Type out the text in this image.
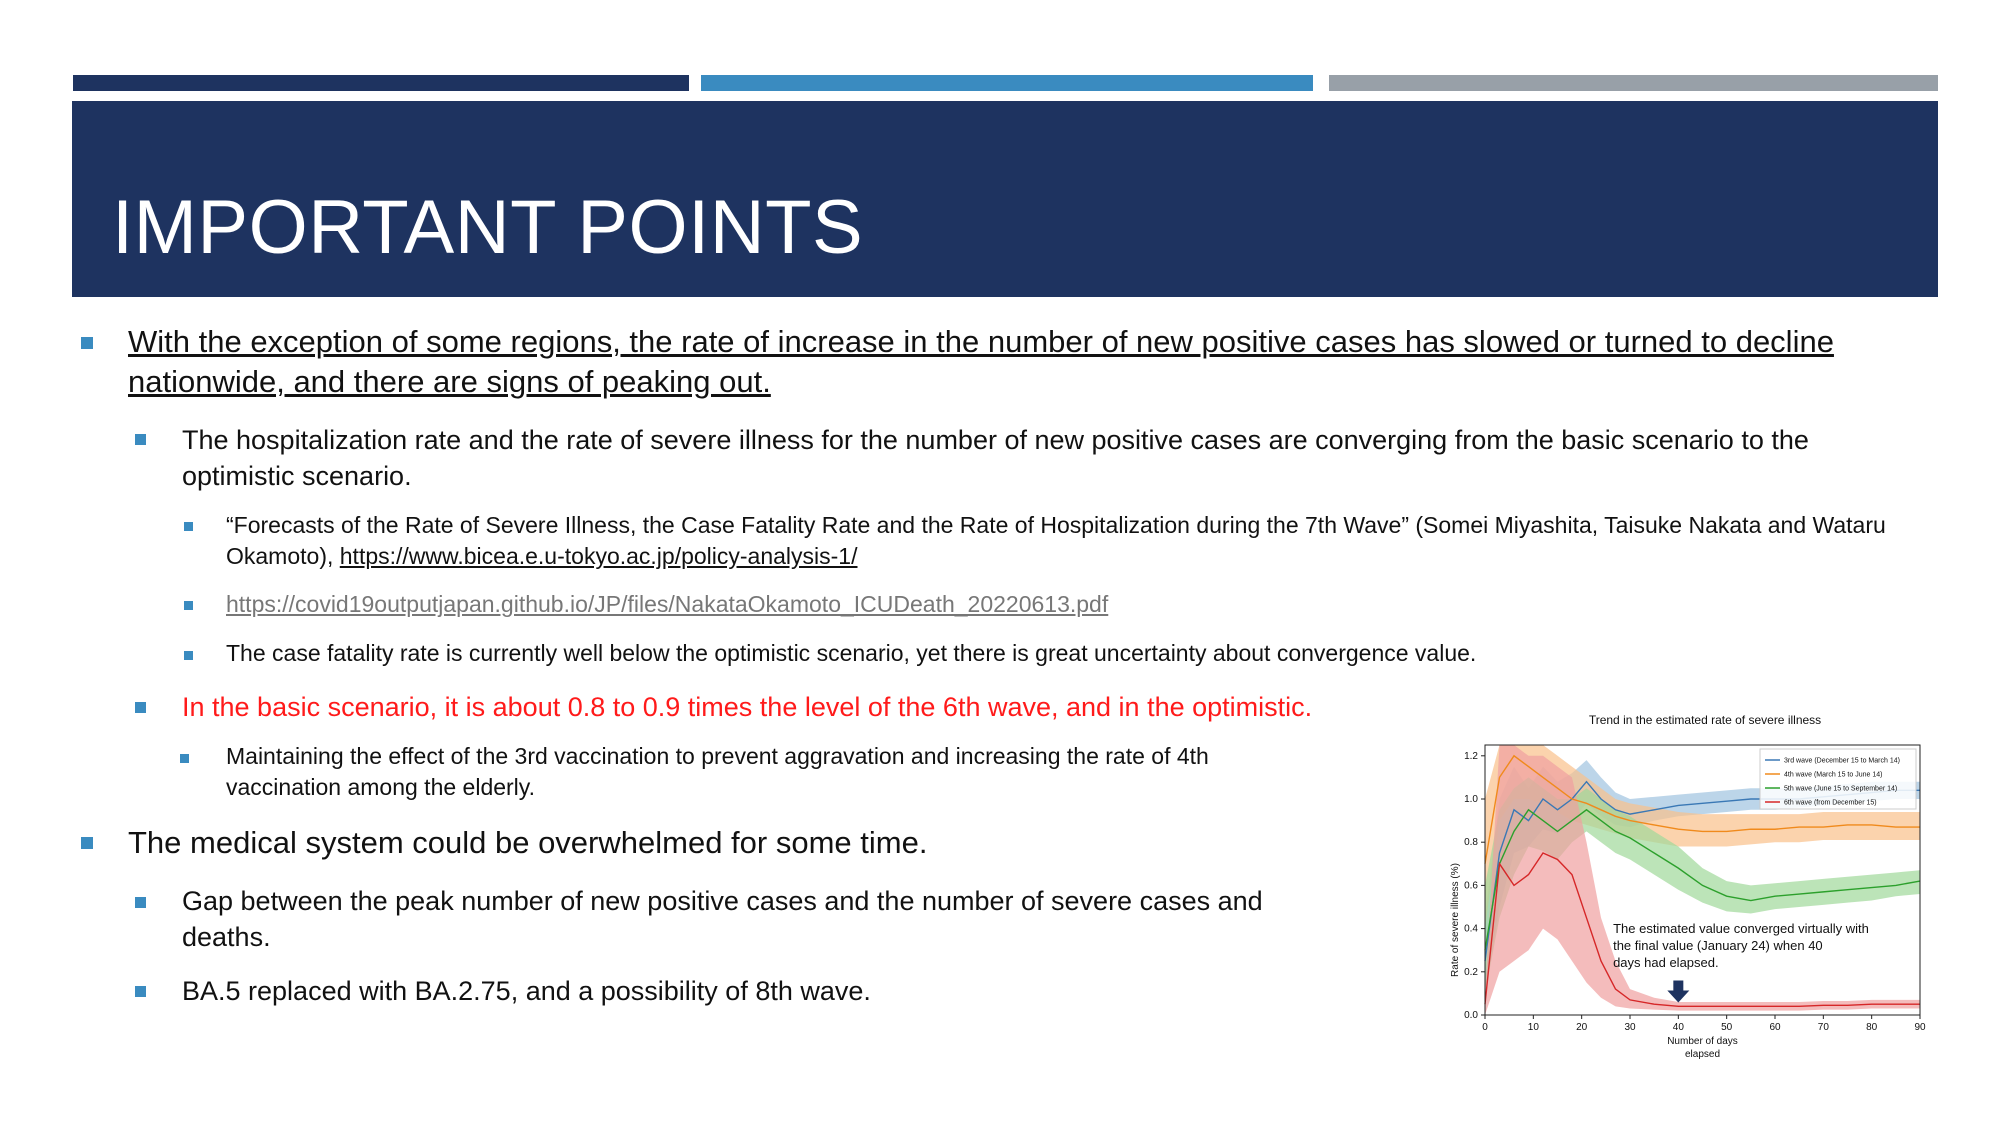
IMPORTANT POINTS
With the exception of some regions, the rate of increase in the number of new positive cases has slowed or turned to decline nationwide, and there are signs of peaking out.
The hospitalization rate and the rate of severe illness for the number of new positive cases are converging from the basic scenario to the optimistic scenario.
“Forecasts of the Rate of Severe Illness, the Case Fatality Rate and the Rate of Hospitalization during the 7th Wave” (Somei Miyashita, Taisuke Nakata and Wataru Okamoto), https://www.bicea.e.u-tokyo.ac.jp/policy-analysis-1/
https://covid19outputjapan.github.io/JP/files/NakataOkamoto_ICUDeath_20220613.pdf
The case fatality rate is currently well below the optimistic scenario, yet there is great uncertainty about convergence value.
In the basic scenario, it is about 0.8 to 0.9 times the level of the 6th wave, and in the optimistic.
Maintaining the effect of the 3rd vaccination to prevent aggravation and increasing the rate of 4th vaccination among the elderly.
The medical system could be overwhelmed for some time.
Gap between the peak number of new positive cases and the number of severe cases and deaths.
BA.5 replaced with BA.2.75, and a possibility of 8th wave.
Trend in the estimated rate of severe illness
0	10	20	30	40	50	60	70	80	90
0.0
0.2
0.4
0.6
0.8
1.0
1.2
Rate of severe illness (%)
Number of days elapsed
3rd wave (December 15 to March 14)
4th wave (March 15 to June 14)
5th wave (June 15 to September 14)
6th wave (from December 15)
The estimated value converged virtually with the final value (January 24) when 40 days had elapsed.
